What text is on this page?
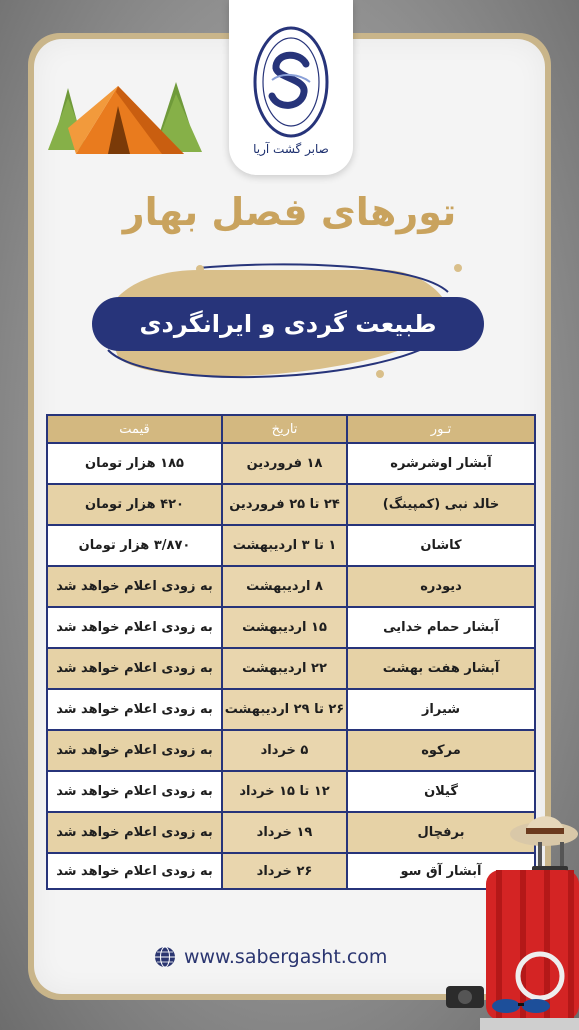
صابر گشت آریا
تورهای فصل بهار
طبیعت گردی و ایرانگردی
تـور
تاریخ
قیمت
آبشار اوشرشره
۱۸ فروردین
۱۸۵ هزار تومان
خالد نبی (کمپینگ)
۲۴ تا ۲۵ فروردین
۴۲۰ هزار تومان
کاشان
۱ تا ۳ اردیبهشت
۳/۸۷۰ هزار تومان
دیودره
۸ اردیبهشت
به زودی اعلام خواهد شد
آبشار حمام خدایی
۱۵ اردیبهشت
به زودی اعلام خواهد شد
آبشار هفت بهشت
۲۲ اردیبهشت
به زودی اعلام خواهد شد
شیراز
۲۶ تا ۲۹ اردیبهشت
به زودی اعلام خواهد شد
مرکوه
۵ خرداد
به زودی اعلام خواهد شد
گیلان
۱۲ تا ۱۵ خرداد
به زودی اعلام خواهد شد
برفچال
۱۹ خرداد
به زودی اعلام خواهد شد
آبشار آق سو
۲۶ خرداد
به زودی اعلام خواهد شد
www.sabergasht.com
